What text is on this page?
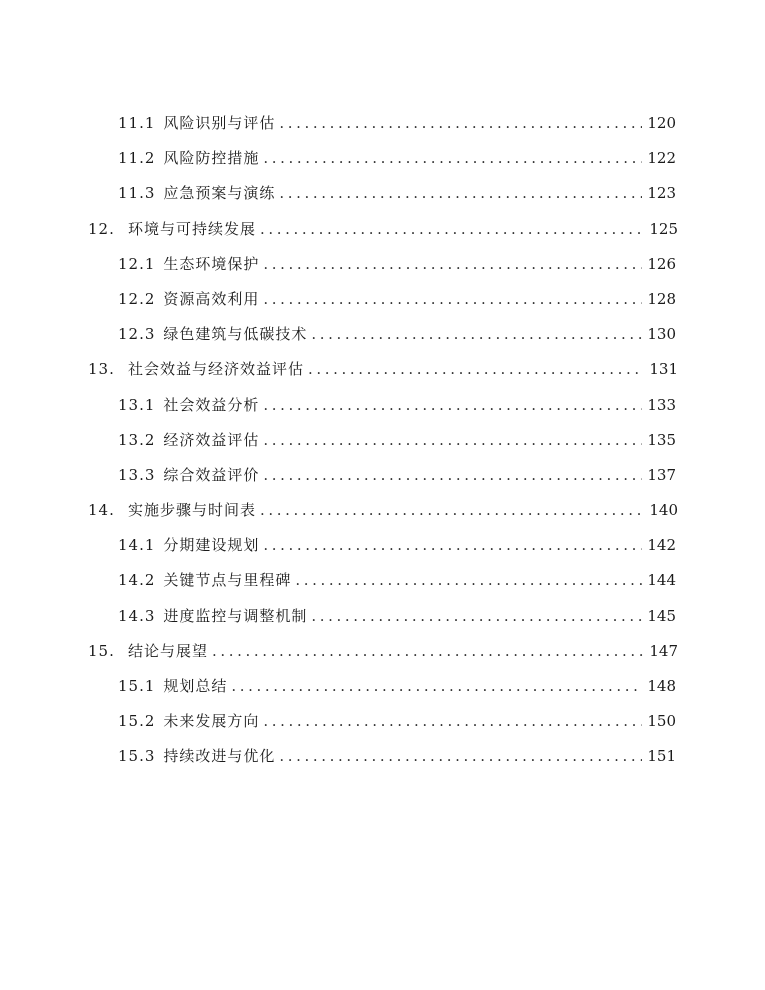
11.1 风险识别与评估 .....	120
11.2 风险防控措施 .....	122
11.3 应急预案与演练 .....	123
12. 环境与可持续发展 .....	125
12.1 生态环境保护 .....	126
12.2 资源高效利用 .....	128
12.3 绿色建筑与低碳技术 .....	130
13. 社会效益与经济效益评估 .....	131
13.1 社会效益分析 .....	133
13.2 经济效益评估 .....	135
13.3 综合效益评价 .....	137
14. 实施步骤与时间表 .....	140
14.1 分期建设规划 .....	142
14.2 关键节点与里程碑 .....	144
14.3 进度监控与调整机制 .....	145
15. 结论与展望 .....	147
15.1 规划总结 .....	148
15.2 未来发展方向 .....	150
15.3 持续改进与优化 .....	151
